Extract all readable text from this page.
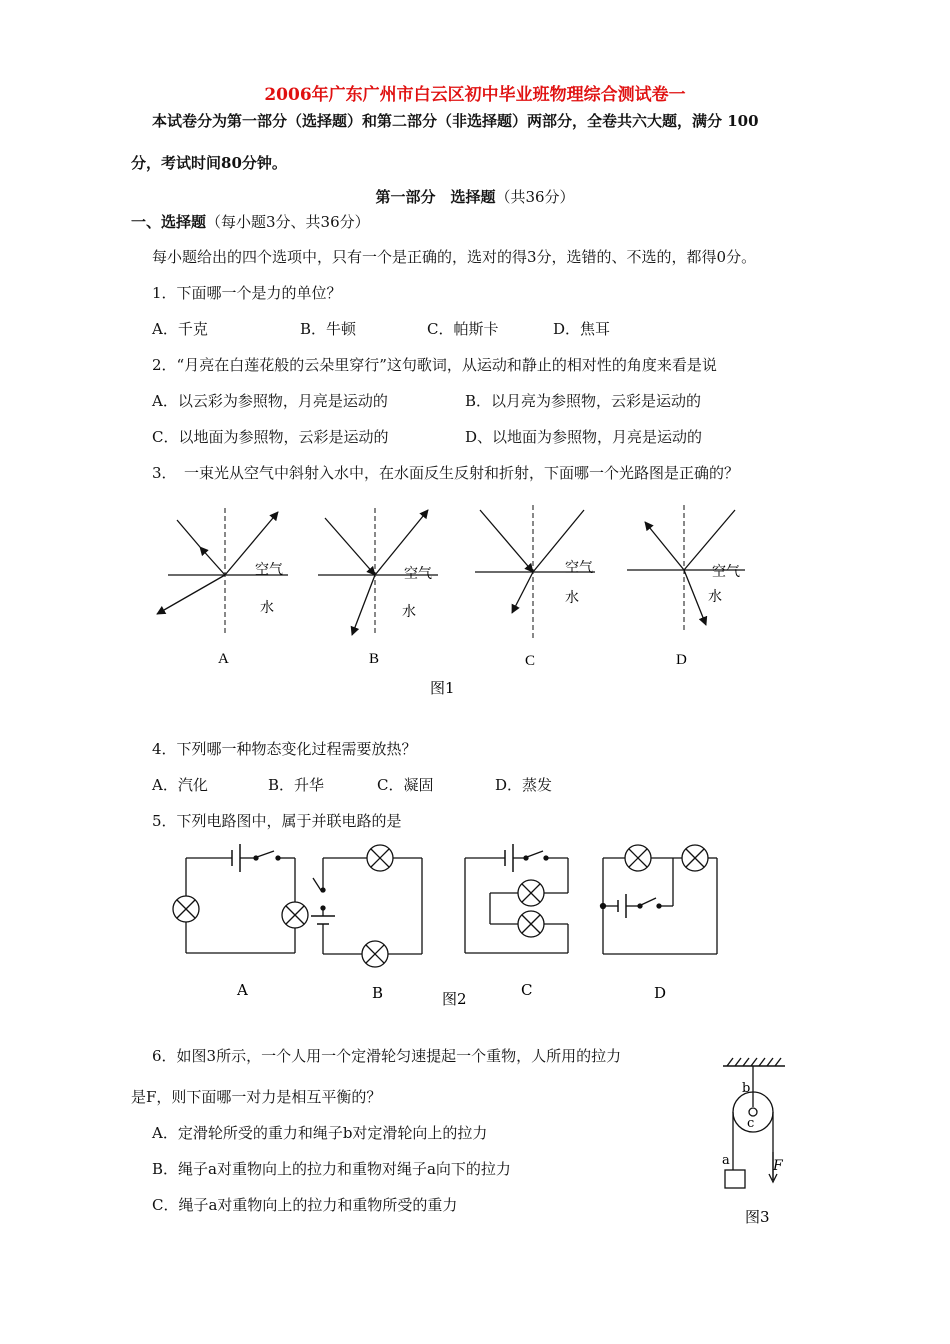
2006年广东广州市白云区初中毕业班物理综合测试卷一
本试卷分为第一部分（选择题）和第二部分（非选择题）两部分，全卷共六大题，满分 100
分，考试时间80分钟。
第一部分　选择题（共36分）
一、选择题（每小题3分、共36分）
每小题给出的四个选项中，只有一个是正确的，选对的得3分，选错的、不选的，都得0分。
1．下面哪一个是力的单位？
A．千克	B．牛顿	C．帕斯卡	D．焦耳
2．“月亮在白莲花般的云朵里穿行”这句歌词，从运动和静止的相对性的角度来看是说
A．以云彩为参照物，月亮是运动的	B．以月亮为参照物，云彩是运动的
C．以地面为参照物，云彩是运动的	D、以地面为参照物，月亮是运动的
3．　一束光从空气中斜射入水中，在水面反生反射和折射，下面哪一个光路图是正确的？
空气
水
A
空气
水
B
空气
水
C
空气
水
D
图1
4．下列哪一种物态变化过程需要放热？
A．汽化	B．升华	C．凝固	D．蒸发
5．下列电路图中，属于并联电路的是
A	B	图2	C	D
6．如图3所示，一个人用一个定滑轮匀速提起一个重物，人所用的拉力
是F，则下面哪一对力是相互平衡的？
A．定滑轮所受的重力和绳子b对定滑轮向上的拉力
B．绳子a对重物向上的拉力和重物对绳子a向下的拉力
C．绳子a对重物向上的拉力和重物所受的重力
b
c
a	F
图3
